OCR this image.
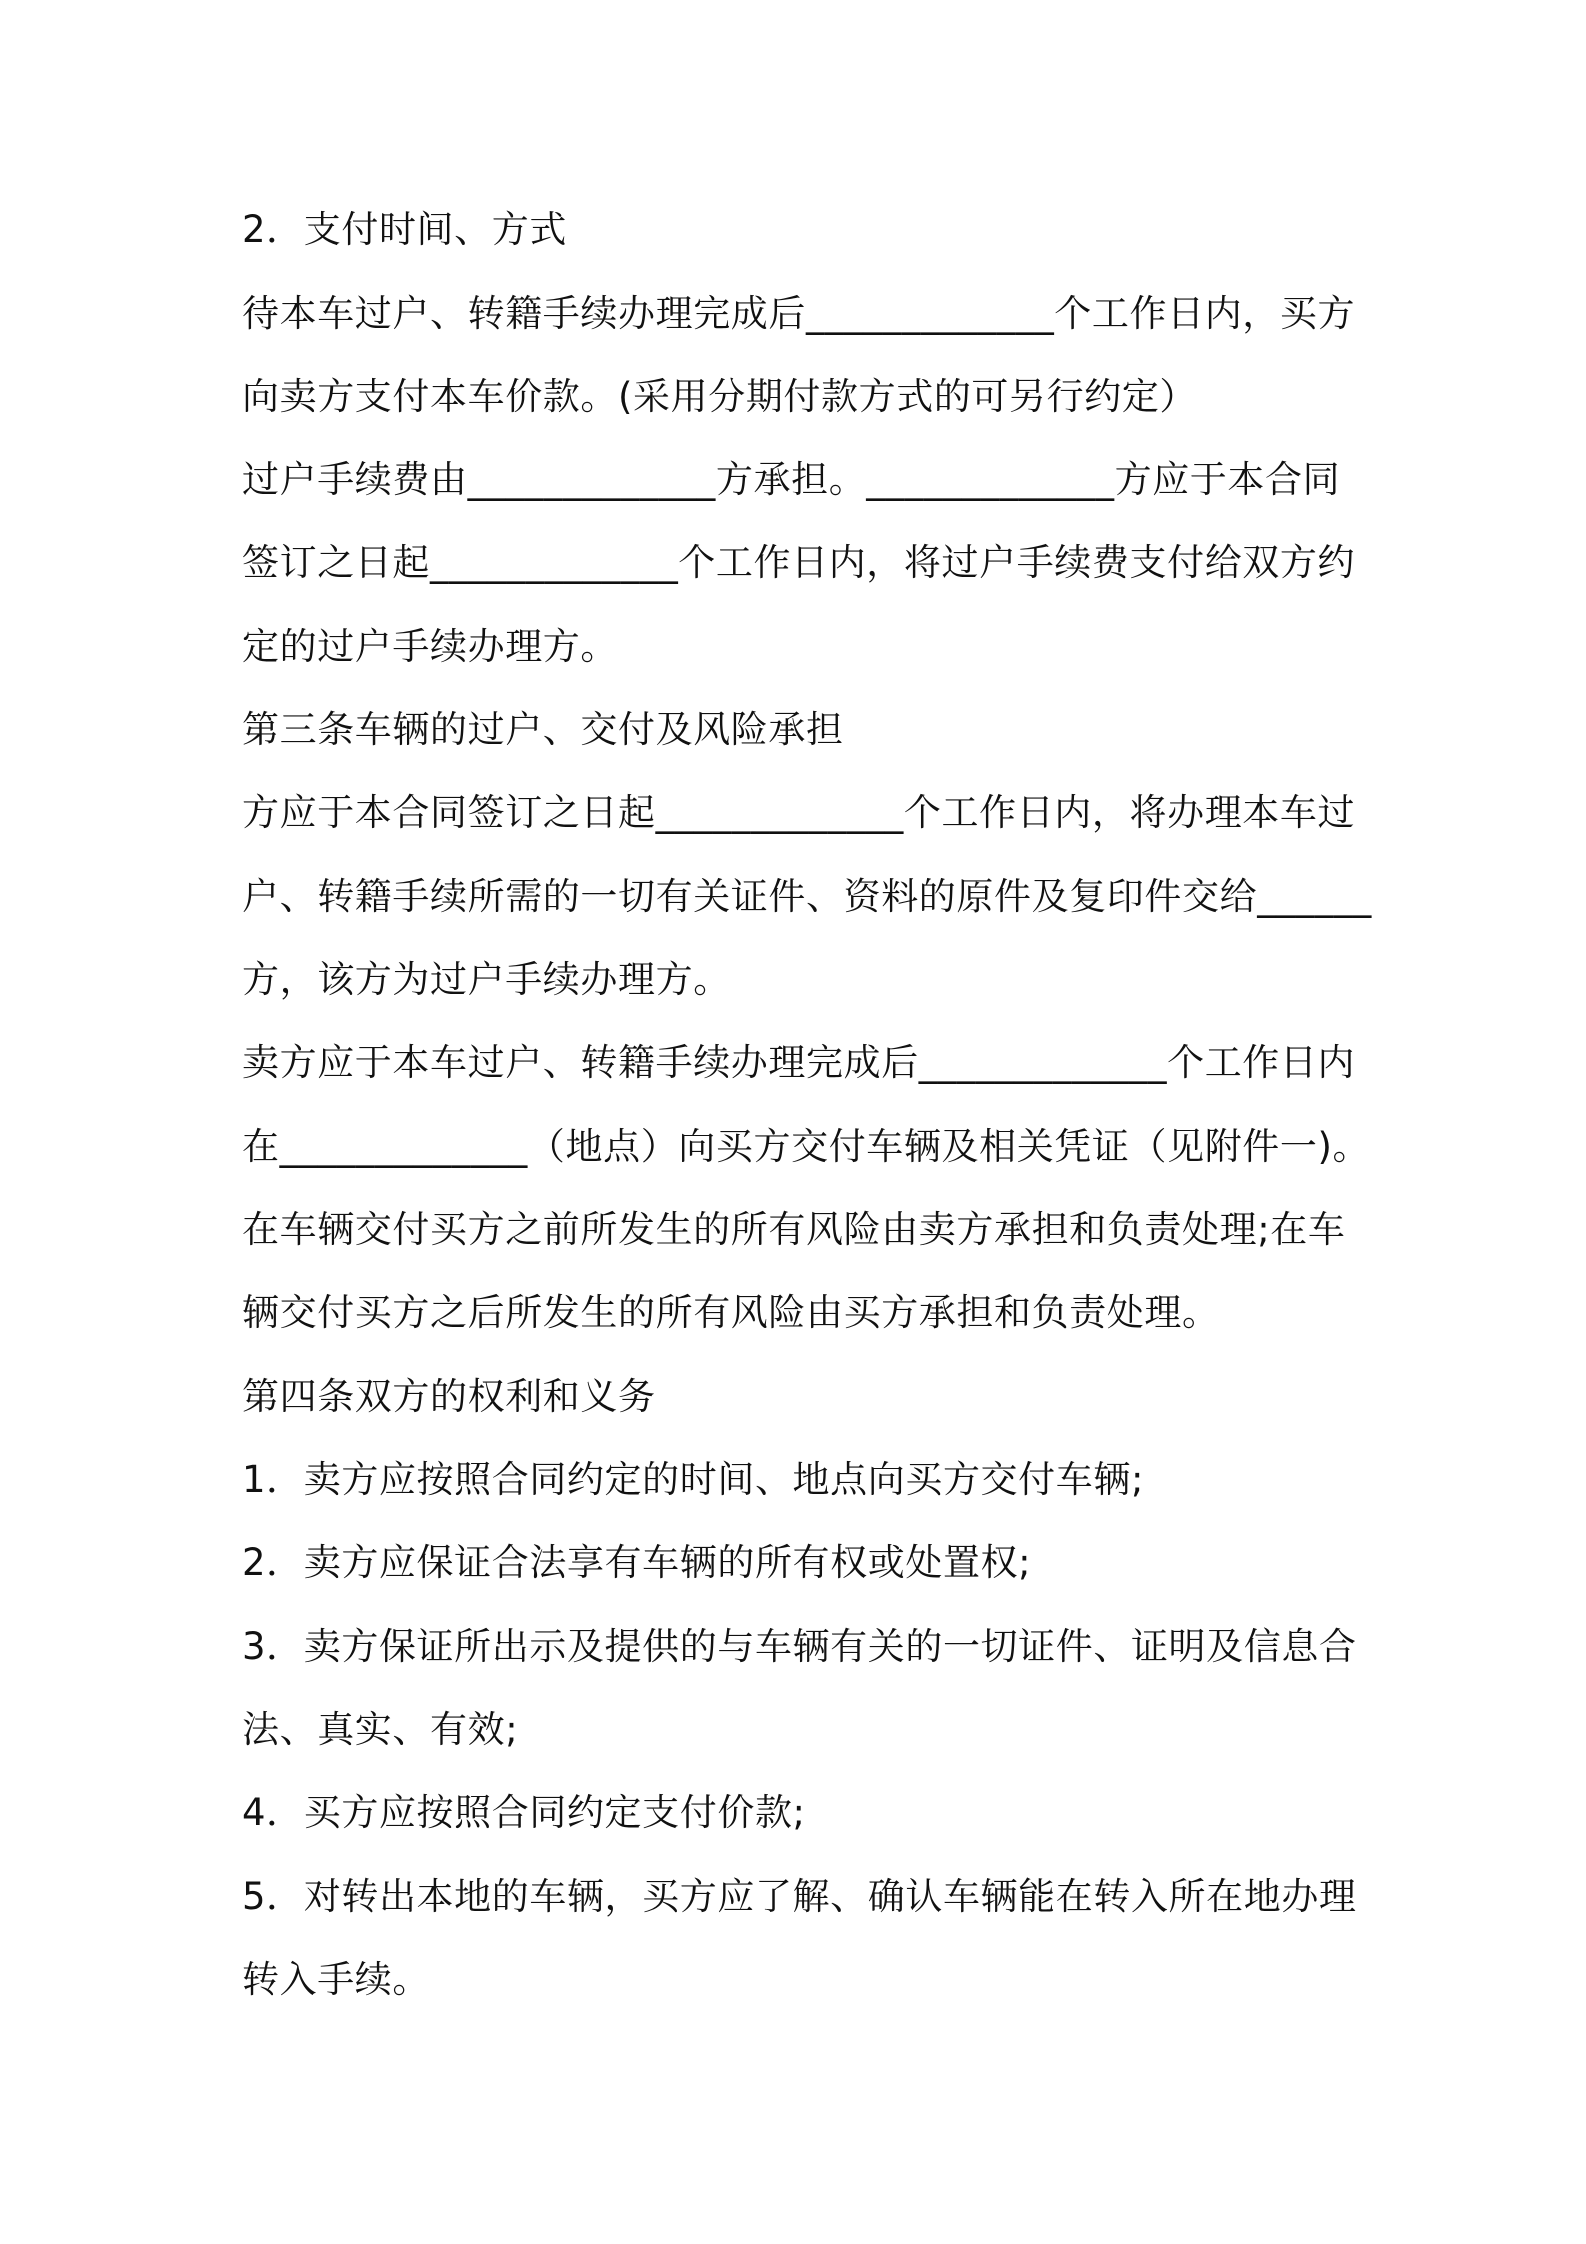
2．支付时间、方式
待本车过户、转籍手续办理完成后_____________个工作日内，买方
向卖方支付本车价款。(采用分期付款方式的可另行约定）
过户手续费由_____________方承担。_____________方应于本合同
签订之日起_____________个工作日内，将过户手续费支付给双方约
定的过户手续办理方。
第三条车辆的过户、交付及风险承担
方应于本合同签订之日起_____________个工作日内，将办理本车过
户、转籍手续所需的一切有关证件、资料的原件及复印件交给______
方，该方为过户手续办理方。
卖方应于本车过户、转籍手续办理完成后_____________个工作日内
在_____________（地点）向买方交付车辆及相关凭证（见附件一)。
在车辆交付买方之前所发生的所有风险由卖方承担和负责处理;在车
辆交付买方之后所发生的所有风险由买方承担和负责处理。
第四条双方的权利和义务
1．卖方应按照合同约定的时间、地点向买方交付车辆;
2．卖方应保证合法享有车辆的所有权或处置权;
3．卖方保证所出示及提供的与车辆有关的一切证件、证明及信息合
法、真实、有效;
4．买方应按照合同约定支付价款;
5．对转出本地的车辆，买方应了解、确认车辆能在转入所在地办理
转入手续。
